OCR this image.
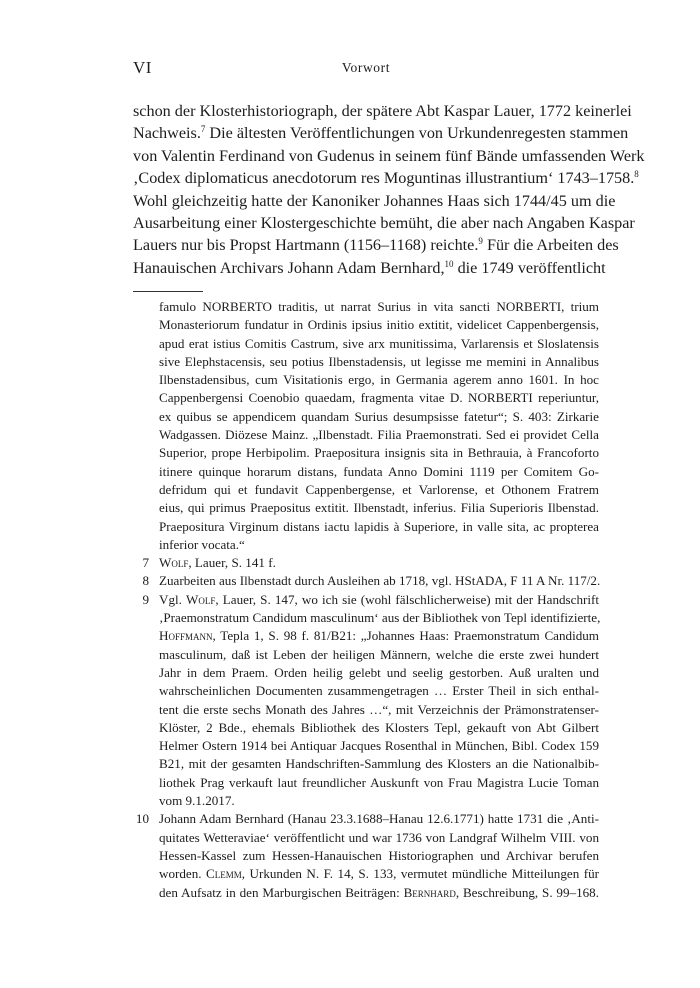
VI	Vorwort
schon der Klosterhistoriograph, der spätere Abt Kaspar Lauer, 1772 keinerlei
Nachweis.$^7$ Die ältesten Veröffentlichungen von Urkundenregesten stammen
von Valentin Ferdinand von Gudenus in seinem fünf Bände umfassenden Werk
‚Codex diplomaticus anecdotorum res Moguntinas illustrantium‘ 1743–1758.$^8$
Wohl gleichzeitig hatte der Kanoniker Johannes Haas sich 1744/45 um die
Ausarbeitung einer Klostergeschichte bemüht, die aber nach Angaben Kaspar
Lauers nur bis Propst Hartmann (1156–1168) reichte.$^9$ Für die Arbeiten des
Hanauischen Archivars Johann Adam Bernhard,$^{10}$ die 1749 veröffentlicht
famulo NORBERTO traditis, ut narrat Surius in vita sancti NORBERTI, trium
Monasteriorum fundatur in Ordinis ipsius initio extitit, videlicet Cappenbergensis,
apud erat istius Comitis Castrum, sive arx munitissima, Varlarensis et Sloslatensis
sive Elephstacensis, seu potius Ilbenstadensis, ut legisse me memini in Annalibus
Ilbenstadensibus, cum Visitationis ergo, in Germania agerem anno 1601. In hoc
Cappenbergensi Coenobio quaedam, fragmenta vitae D. NORBERTI reperiuntur,
ex quibus se appendicem quandam Surius desumpsisse fatetur“; S. 403: Zirkarie
Wadgassen. Diözese Mainz. „Ilbenstadt. Filia Praemonstrati. Sed ei providet Cella
Superior, prope Herbipolim. Praepositura insignis sita in Bethrauia, à Francoforto
itinere quinque horarum distans, fundata Anno Domini 1119 per Comitem Go-
defridum qui et fundavit Cappenbergense, et Varlorense, et Othonem Fratrem
eius, qui primus Praepositus extitit. Ilbenstadt, inferius. Filia Superioris Ilbenstad.
Praepositura Virginum distans iactu lapidis à Superiore, in valle sita, ac propterea
inferior vocata.“
7 Wolf, Lauer, S. 141 f.
8 Zuarbeiten aus Ilbenstadt durch Ausleihen ab 1718, vgl. HStADA, F 11 A Nr. 117/2.
9 Vgl. Wolf, Lauer, S. 147, wo ich sie (wohl fälschlicherweise) mit der Handschrift
‚Praemonstratum Candidum masculinum‘ aus der Bibliothek von Tepl identifizierte,
Hoffmann, Tepla 1, S. 98 f. 81/B21: „Johannes Haas: Praemonstratum Candidum
masculinum, daß ist Leben der heiligen Männern, welche die erste zwei hundert
Jahr in dem Praem. Orden heilig gelebt und seelig gestorben. Auß uralten und
wahrscheinlichen Documenten zusammengetragen … Erster Theil in sich enthal-
tent die erste sechs Monath des Jahres …“, mit Verzeichnis der Prämonstratenser-
Klöster, 2 Bde., ehemals Bibliothek des Klosters Tepl, gekauft von Abt Gilbert
Helmer Ostern 1914 bei Antiquar Jacques Rosenthal in München, Bibl. Codex 159
B21, mit der gesamten Handschriften-Sammlung des Klosters an die Nationalbib-
liothek Prag verkauft laut freundlicher Auskunft von Frau Magistra Lucie Toman
vom 9.1.2017.
10 Johann Adam Bernhard (Hanau 23.3.1688–Hanau 12.6.1771) hatte 1731 die ‚Anti-
quitates Wetteraviae‘ veröffentlicht und war 1736 von Landgraf Wilhelm VIII. von
Hessen-Kassel zum Hessen-Hanauischen Historiographen und Archivar berufen
worden. Clemm, Urkunden N. F. 14, S. 133, vermutet mündliche Mitteilungen für
den Aufsatz in den Marburgischen Beiträgen: Bernhard, Beschreibung, S. 99–168.
